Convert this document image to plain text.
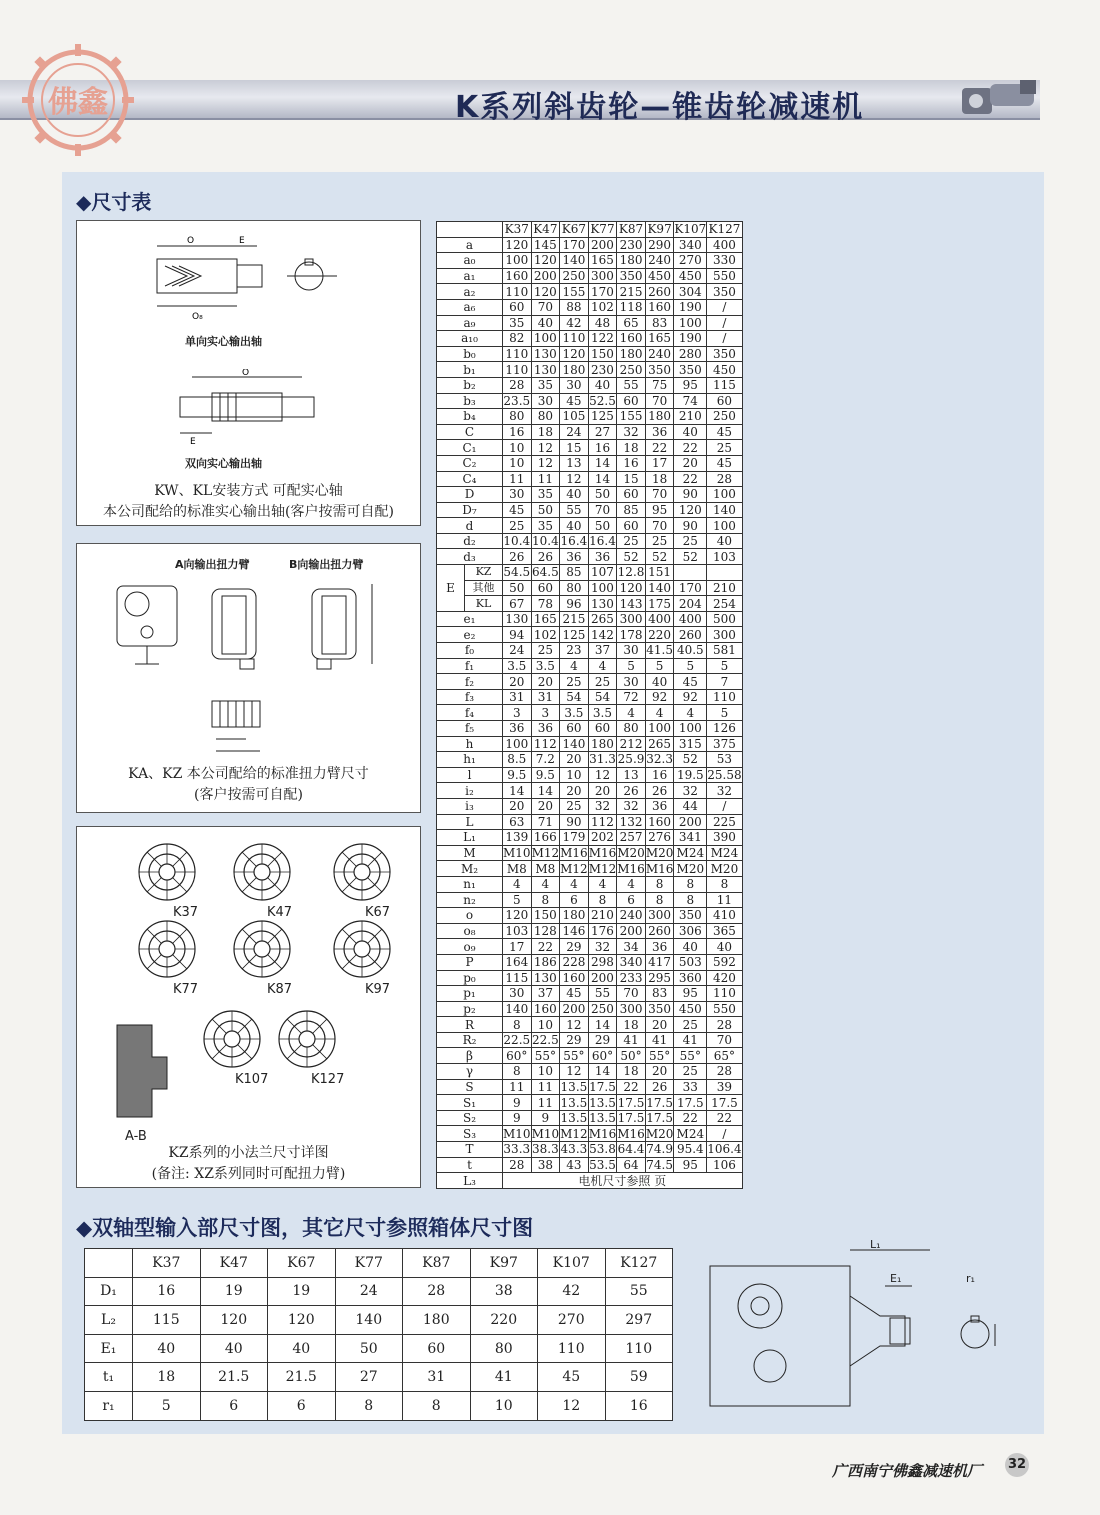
佛鑫	K系列斜齿轮—锥齿轮减速机
◆尺寸表
O	E
O₈
单向实心输出轴
O
E
双向实心输出轴
KW、KL安装方式 可配实心轴
本公司配给的标准实心输出轴(客户按需可自配)
A向输出扭力臂	B向输出扭力臂
KA、KZ 本公司配给的标准扭力臂尺寸
(客户按需可自配)
K37	K47	K67
K77	K87	K97
K107	K127
A-B
KZ系列的小法兰尺寸详图
(备注: XZ系列同时可配扭力臂)
		K37	K47	K67	K77	K87	K97	K107	K127
a		120	145	170	200	230	290	340	400
a₀		100	120	140	165	180	240	270	330
a₁		160	200	250	300	350	450	450	550
a₂		110	120	155	170	215	260	304	350
a₆		60	70	88	102	118	160	190	/
a₉		35	40	42	48	65	83	100	/
a₁₀		82	100	110	122	160	165	190	/
b₀		110	130	120	150	180	240	280	350
b₁		110	130	180	230	250	350	350	450
b₂		28	35	30	40	55	75	95	115
b₃		23.5	30	45	52.5	60	70	74	60
b₄		80	80	105	125	155	180	210	250
C		16	18	24	27	32	36	40	45
C₁		10	12	15	16	18	22	22	25
C₂		10	12	13	14	16	17	20	45
C₄		11	11	12	14	15	18	22	28
D		30	35	40	50	60	70	90	100
D₇		45	50	55	70	85	95	120	140
d		25	35	40	50	60	70	90	100
d₂		10.4	10.4	16.4	16.4	25	25	25	40
d₃		26	26	36	36	52	52	52	103
E	KZ	54.5	64.5	85	107	12.8	151		
	其他	50	60	80	100	120	140	170	210
	KL	67	78	96	130	143	175	204	254
e₁		130	165	215	265	300	400	400	500
e₂		94	102	125	142	178	220	260	300
f₀		24	25	23	37	30	41.5	40.5	581
f₁		3.5	3.5	4	4	5	5	5	5
f₂		20	20	25	25	30	40	45	7
f₃		31	31	54	54	72	92	92	110
f₄		3	3	3.5	3.5	4	4	4	5
f₅		36	36	60	60	80	100	100	126
h		100	112	140	180	212	265	315	375
h₁		8.5	7.2	20	31.3	25.9	32.3	52	53
l		9.5	9.5	10	12	13	16	19.5	25.58
i₂		14	14	20	20	26	26	32	32
i₃		20	20	25	32	32	36	44	/
L		63	71	90	112	132	160	200	225
L₁		139	166	179	202	257	276	341	390
M		M10	M12	M16	M16	M20	M20	M24	M24
M₂		M8	M8	M12	M12	M16	M16	M20	M20
n₁		4	4	4	4	4	8	8	8
n₂		5	8	6	8	6	8	8	11
o		120	150	180	210	240	300	350	410
o₈		103	128	146	176	200	260	306	365
o₉		17	22	29	32	34	36	40	40
P		164	186	228	298	340	417	503	592
p₀		115	130	160	200	233	295	360	420
p₁		30	37	45	55	70	83	95	110
p₂		140	160	200	250	300	350	450	550
R		8	10	12	14	18	20	25	28
R₂		22.5	22.5	29	29	41	41	41	70
β		60°	55°	55°	60°	50°	55°	55°	65°
γ		8	10	12	14	18	20	25	28
S		11	11	13.5	17.5	22	26	33	39
S₁		9	11	13.5	13.5	17.5	17.5	17.5	17.5
S₂		9	9	13.5	13.5	17.5	17.5	22	22
S₃		M10	M10	M12	M16	M16	M20	M24	/
T		33.3	38.3	43.3	53.8	64.4	74.9	95.4	106.4
t		28	38	43	53.5	64	74.5	95	106
L₃		电机尺寸参照 页							
◆双轴型输入部尺寸图，其它尺寸参照箱体尺寸图
	K37	K47	K67	K77	K87	K97	K107	K127
D₁	16	19	19	24	28	38	42	55
L₂	115	120	120	140	180	220	270	297
E₁	40	40	40	50	60	80	110	110
t₁	18	21.5	21.5	27	31	41	45	59
r₁	5	6	6	8	8	10	12	16
L₁
E₁	r₁
广西南宁佛鑫减速机厂 32
